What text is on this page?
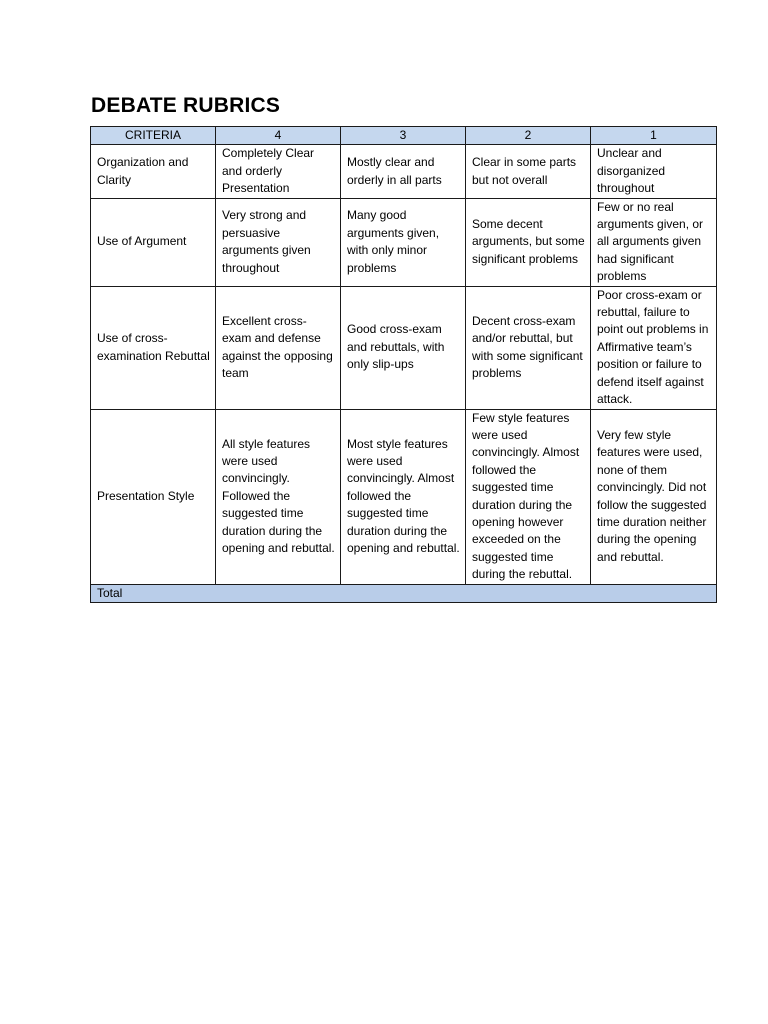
DEBATE RUBRICS
CRITERIA	4	3	2	1
Organization and Clarity	Completely Clear and orderly Presentation	Mostly clear and orderly in all parts	Clear in some parts but not overall	Unclear and disorganized throughout
Use of Argument	Very strong and persuasive arguments given throughout	Many good arguments given, with only minor problems	Some decent arguments, but some significant problems	Few or no real arguments given, or all arguments given had significant problems
Use of cross-examination Rebuttal	Excellent cross-exam and defense against the opposing team	Good cross-exam and rebuttals, with only slip-ups	Decent cross-exam and/or rebuttal, but with some significant problems	Poor cross-exam or rebuttal, failure to point out problems in Affirmative team’s position or failure to defend itself against attack.
Presentation Style	All style features were used convincingly. Followed the suggested time duration during the opening and rebuttal.	Most style features were used convincingly. Almost followed the suggested time duration during the opening and rebuttal.	Few style features were used convincingly. Almost followed the suggested time duration during the opening however exceeded on the suggested time during the rebuttal.	Very few style features were used, none of them convincingly. Did not follow the suggested time duration neither during the opening and rebuttal.
Total				
